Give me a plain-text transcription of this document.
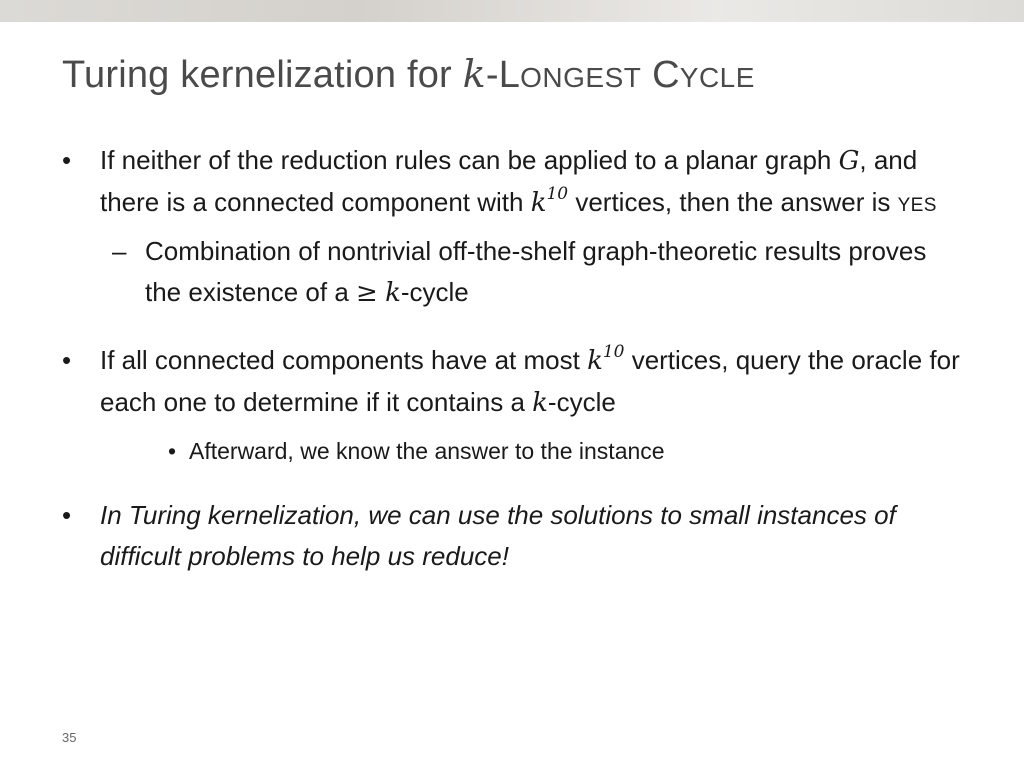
Turing kernelization for k-LONGEST CYCLE
• If neither of the reduction rules can be applied to a planar graph G, and there is a connected component with $k^{10}$ vertices, then the answer is YES
– Combination of nontrivial off-the-shelf graph-theoretic results proves the existence of a ≥ k-cycle
• If all connected components have at most $k^{10}$ vertices, query the oracle for each one to determine if it contains a k-cycle
• Afterward, we know the answer to the instance
• In Turing kernelization, we can use the solutions to small instances of difficult problems to help us reduce!
35
